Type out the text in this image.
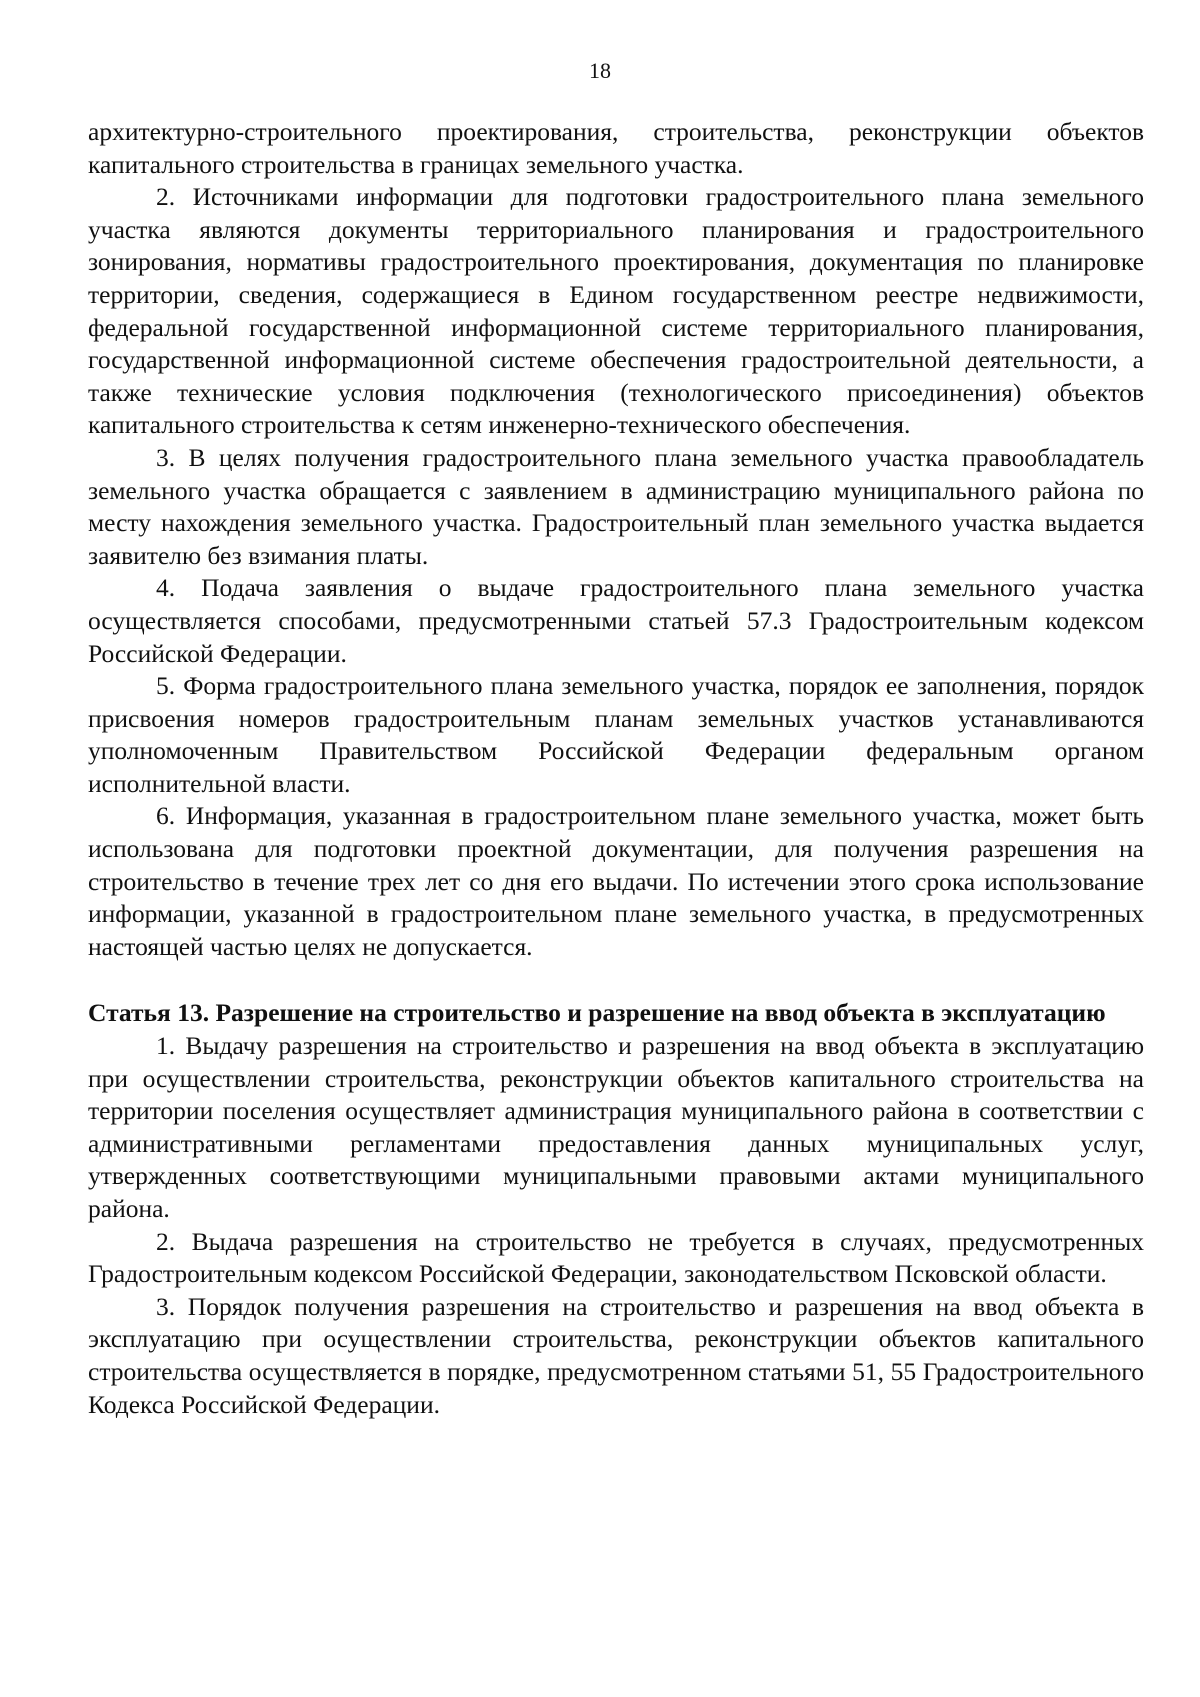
18

архитектурно-строительного проектирования, строительства, реконструкции объектов капитального строительства в границах земельного участка.

2. Источниками информации для подготовки градостроительного плана земельного участка являются документы территориального планирования и градостроительного зонирования, нормативы градостроительного проектирования, документация по планировке территории, сведения, содержащиеся в Едином государственном реестре недвижимости, федеральной государственной информационной системе территориального планирования, государственной информационной системе обеспечения градостроительной деятельности, а также технические условия подключения (технологического присоединения) объектов капитального строительства к сетям инженерно-технического обеспечения.

3. В целях получения градостроительного плана земельного участка правообладатель земельного участка обращается с заявлением в администрацию муниципального района по месту нахождения земельного участка. Градостроительный план земельного участка выдается заявителю без взимания платы.

4. Подача заявления о выдаче градостроительного плана земельного участка осуществляется способами, предусмотренными статьей 57.3 Градостроительным кодексом Российской Федерации.

5. Форма градостроительного плана земельного участка, порядок ее заполнения, порядок присвоения номеров градостроительным планам земельных участков устанавливаются уполномоченным Правительством Российской Федерации федеральным органом исполнительной власти.

6. Информация, указанная в градостроительном плане земельного участка, может быть использована для подготовки проектной документации, для получения разрешения на строительство в течение трех лет со дня его выдачи. По истечении этого срока использование информации, указанной в градостроительном плане земельного участка, в предусмотренных настоящей частью целях не допускается.

Статья 13. Разрешение на строительство и разрешение на ввод объекта в эксплуатацию

1. Выдачу разрешения на строительство и разрешения на ввод объекта в эксплуатацию при осуществлении строительства, реконструкции объектов капитального строительства на территории поселения осуществляет администрация муниципального района в соответствии с административными регламентами предоставления данных муниципальных услуг, утвержденных соответствующими муниципальными правовыми актами муниципального района.

2. Выдача разрешения на строительство не требуется в случаях, предусмотренных Градостроительным кодексом Российской Федерации, законодательством Псковской области.

3. Порядок получения разрешения на строительство и разрешения на ввод объекта в эксплуатацию при осуществлении строительства, реконструкции объектов капитального строительства осуществляется в порядке, предусмотренном статьями 51, 55 Градостроительного Кодекса Российской Федерации.
